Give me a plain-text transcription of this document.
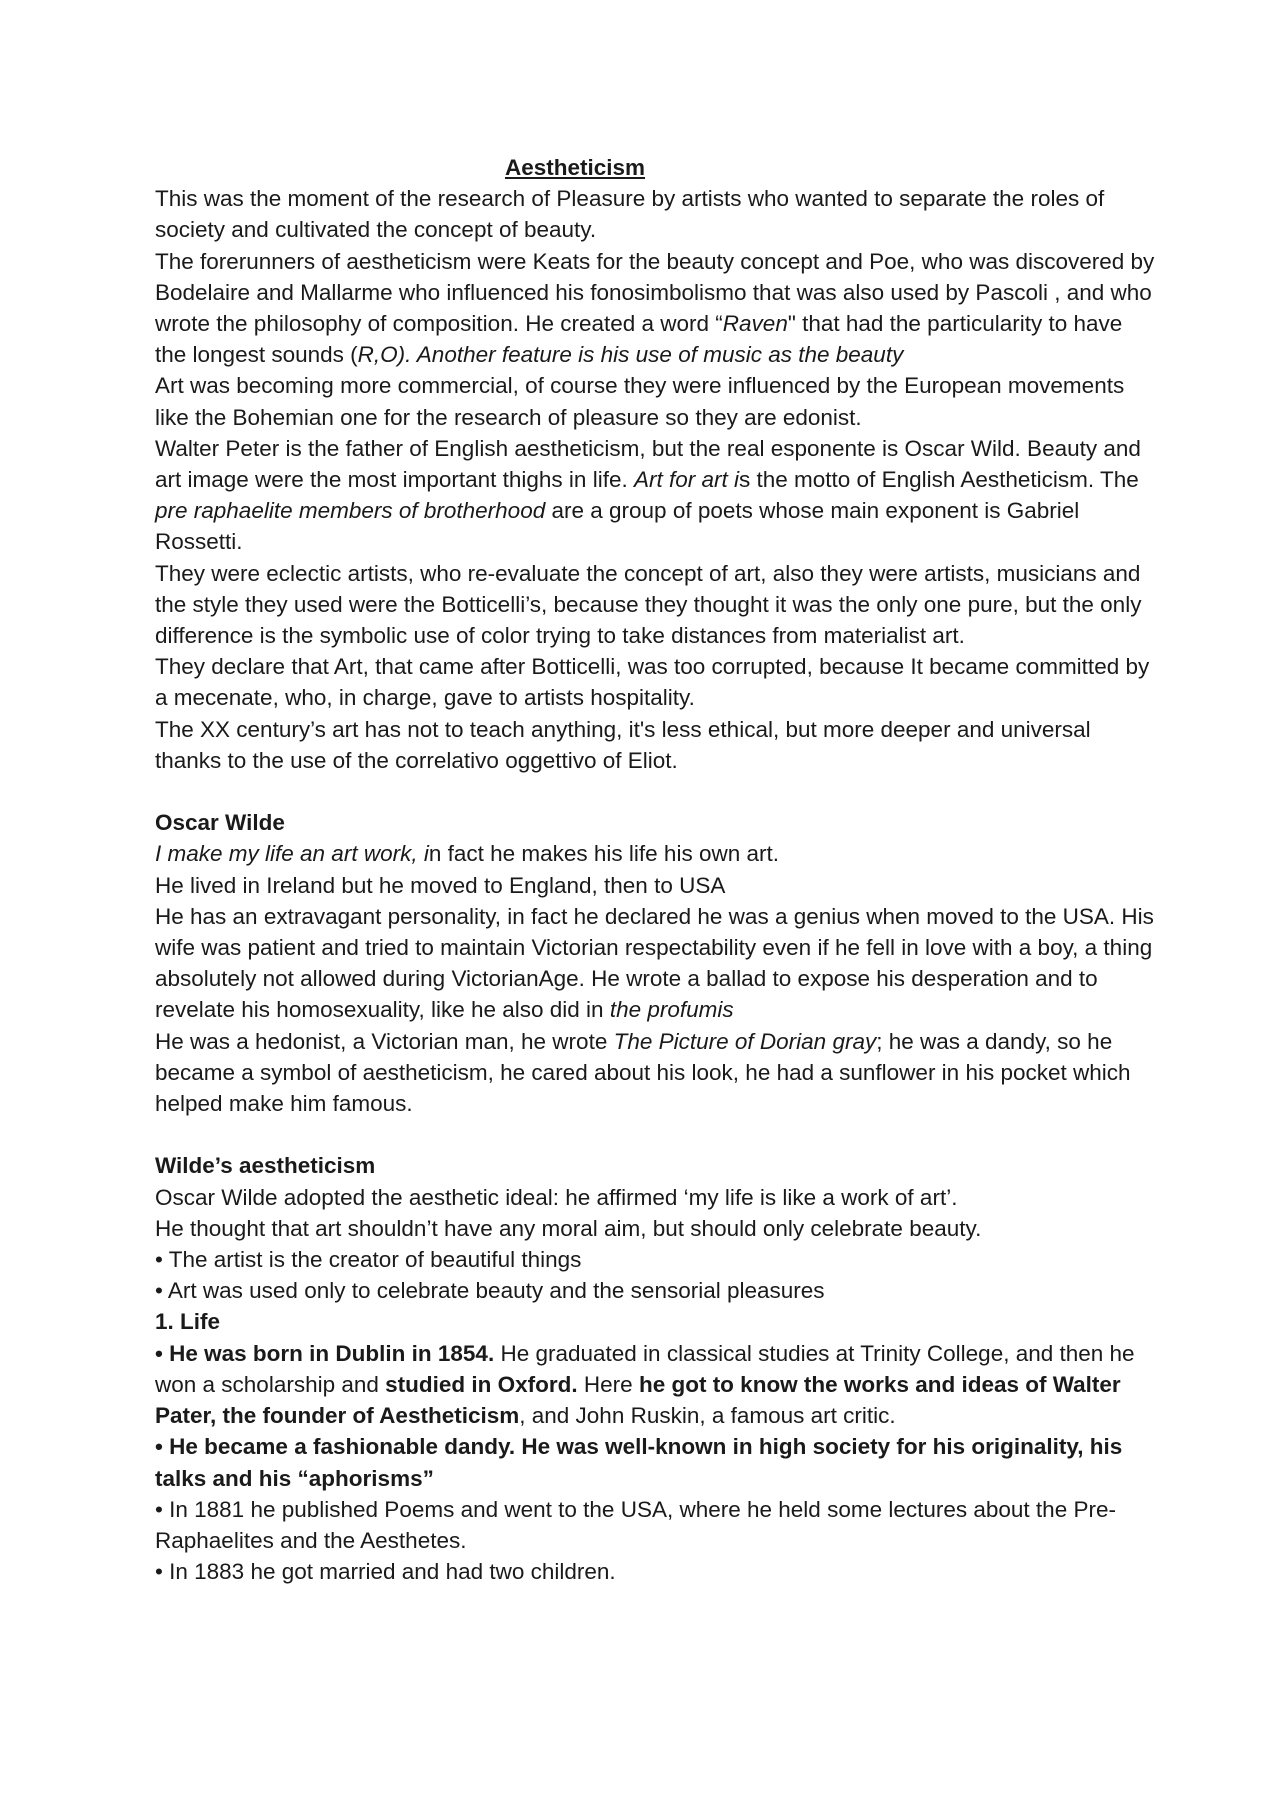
Aestheticism

This was the moment of the research of Pleasure by artists who wanted to separate the roles of society and cultivated the concept of beauty.

The forerunners of aestheticism were Keats for the beauty concept and Poe, who was discovered by Bodelaire and Mallarme who influenced his fonosimbolismo that was also used by Pascoli , and who wrote the philosophy of composition. He created a word “Raven" that had the particularity to have the longest sounds (R,O). Another feature is his use of music as the beauty

Art was becoming more commercial, of course they were influenced by the European movements like the Bohemian one for the research of pleasure so they are edonist.

Walter Peter is the father of English aestheticism, but the real esponente is Oscar Wild. Beauty and art image were the most important thighs in life. Art for art is the motto of English Aestheticism. The pre raphaelite members of brotherhood are a group of poets whose main exponent is Gabriel Rossetti.

They were eclectic artists, who re-evaluate the concept of art, also they were artists, musicians and the style they used were the Botticelli’s, because they thought it was the only one pure, but the only difference is the symbolic use of color trying to take distances from materialist art.

They declare that Art, that came after Botticelli, was too corrupted, because It became committed by a mecenate, who, in charge, gave to artists hospitality.

The XX century’s art has not to teach anything, it's less ethical, but more deeper and universal thanks to the use of the correlativo oggettivo of Eliot.

Oscar Wilde

I make my life an art work, in fact he makes his life his own art.

He lived in Ireland but he moved to England, then to USA

He has an extravagant personality, in fact he declared he was a genius when moved to the USA. His wife was patient and tried to maintain Victorian respectability even if he fell in love with a boy, a thing absolutely not allowed during VictorianAge. He wrote a ballad to expose his desperation and to revelate his homosexuality, like he also did in the profumis

He was a hedonist, a Victorian man, he wrote The Picture of Dorian gray; he was a dandy, so he became a symbol of aestheticism, he cared about his look, he had a sunflower in his pocket which helped make him famous.

Wilde’s aestheticism

Oscar Wilde adopted the aesthetic ideal: he affirmed ‘my life is like a work of art’.

He thought that art shouldn’t have any moral aim, but should only celebrate beauty.

• The artist is the creator of beautiful things

• Art was used only to celebrate beauty and the sensorial pleasures

1. Life

• He was born in Dublin in 1854. He graduated in classical studies at Trinity College, and then he won a scholarship and studied in Oxford. Here he got to know the works and ideas of Walter Pater, the founder of Aestheticism, and John Ruskin, a famous art critic.

• He became a fashionable dandy. He was well-known in high society for his originality, his talks and his “aphorisms”

• In 1881 he published Poems and went to the USA, where he held some lectures about the Pre-Raphaelites and the Aesthetes.

• In 1883 he got married and had two children.
